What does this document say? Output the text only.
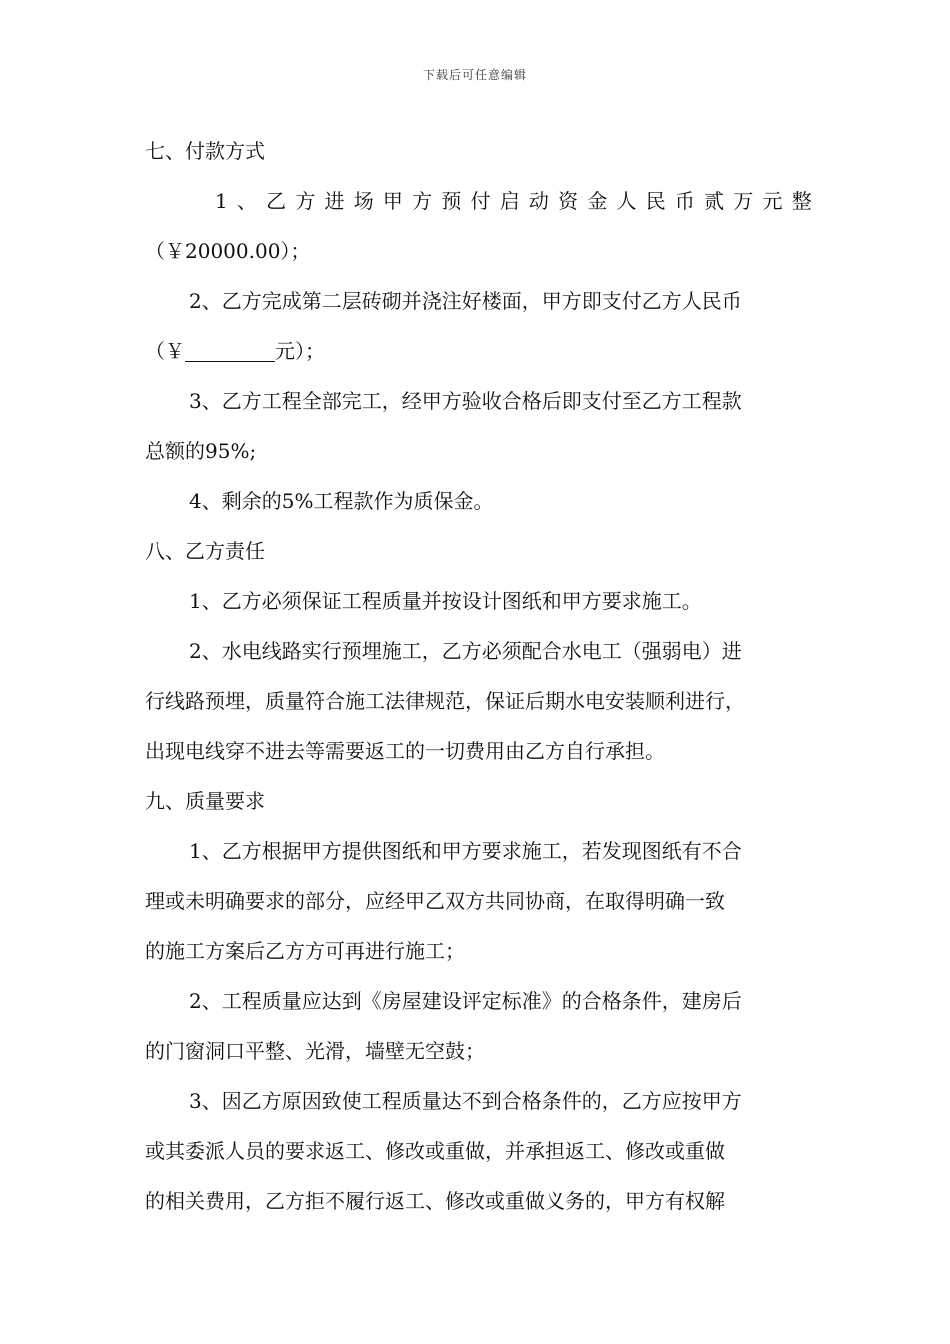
下载后可任意编辑
七、付款方式
1、乙方进场甲方预付启动资金人民币贰万元整
（￥20000.00）；
2、乙方完成第二层砖砌并浇注好楼面，甲方即支付乙方人民币
（￥	元）；
3、乙方工程全部完工，经甲方验收合格后即支付至乙方工程款
总额的95%;
4、剩余的5%工程款作为质保金。
八、乙方责任
1、乙方必须保证工程质量并按设计图纸和甲方要求施工。
2、水电线路实行预埋施工，乙方必须配合水电工（强弱电）进
行线路预埋，质量符合施工法律规范，保证后期水电安装顺利进行，
出现电线穿不进去等需要返工的一切费用由乙方自行承担。
九、质量要求
1、乙方根据甲方提供图纸和甲方要求施工，若发现图纸有不合
理或未明确要求的部分，应经甲乙双方共同协商，在取得明确一致
的施工方案后乙方方可再进行施工；
2、工程质量应达到《房屋建设评定标准》的合格条件，建房后
的门窗洞口平整、光滑，墙壁无空鼓；
3、因乙方原因致使工程质量达不到合格条件的，乙方应按甲方
或其委派人员的要求返工、修改或重做，并承担返工、修改或重做
的相关费用，乙方拒不履行返工、修改或重做义务的，甲方有权解
